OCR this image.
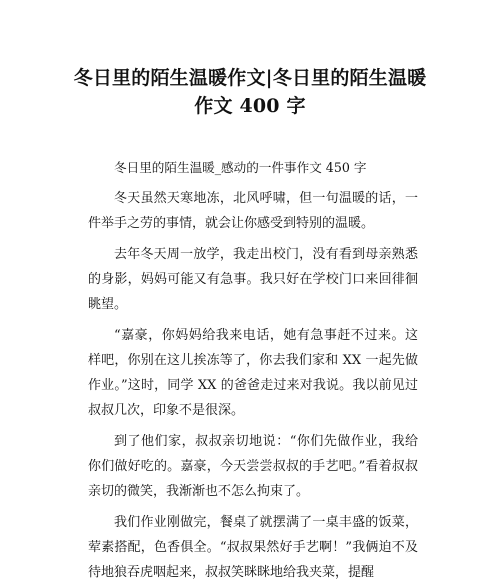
冬日里的陌生温暖作文|冬日里的陌生温暖作文 400 字
冬日里的陌生温暖_感动的一件事作文 450 字

冬天虽然天寒地冻，北风呼啸，但一句温暖的话，一件举手之劳的事情，就会让你感受到特别的温暖。

去年冬天周一放学，我走出校门，没有看到母亲熟悉的身影，妈妈可能又有急事。我只好在学校门口来回徘徊眺望。

“嘉豪，你妈妈给我来电话，她有急事赶不过来。这样吧，你别在这儿挨冻等了，你去我们家和 XX 一起先做作业。”这时，同学 XX 的爸爸走过来对我说。我以前见过叔叔几次，印象不是很深。

到了他们家，叔叔亲切地说：“你们先做作业，我给你们做好吃的。嘉豪，今天尝尝叔叔的手艺吧。”看着叔叔亲切的微笑，我渐渐也不怎么拘束了。

我们作业刚做完，餐桌了就摆满了一桌丰盛的饭菜，荤素搭配，色香俱全。“叔叔果然好手艺啊！”我俩迫不及待地狼吞虎咽起来，叔叔笑眯眯地给我夹菜，提醒
